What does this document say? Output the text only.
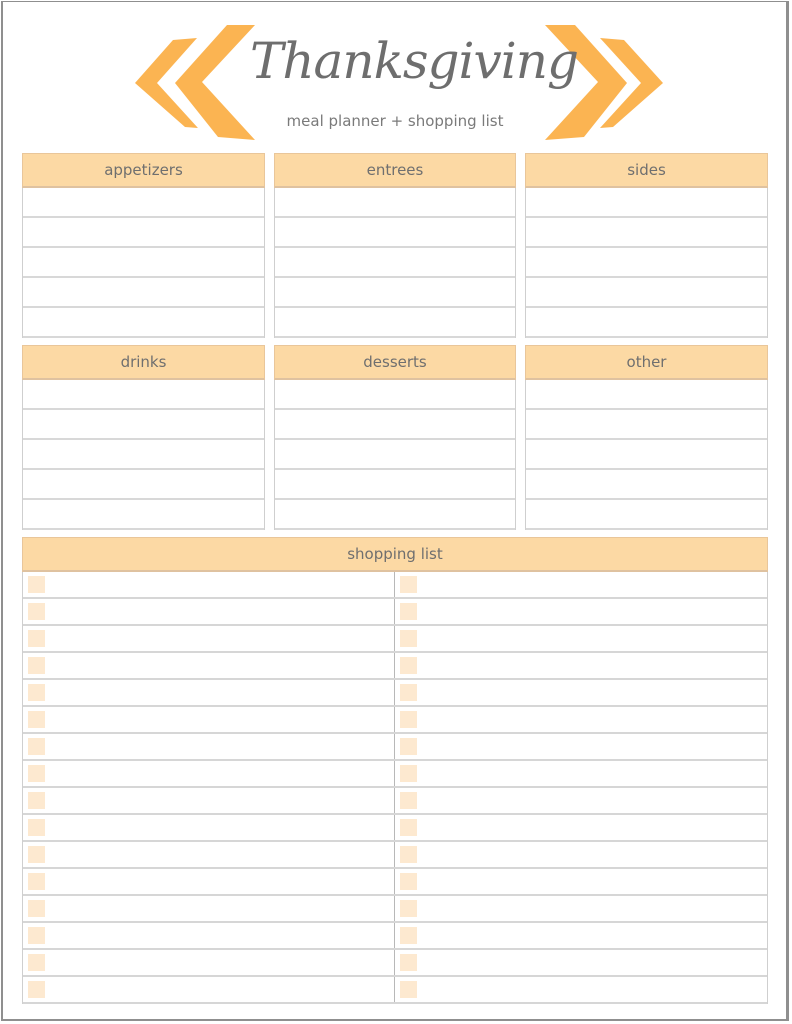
Thanksgiving
meal planner + shopping list
appetizers	entrees	sides
drinks	desserts	other
shopping list
